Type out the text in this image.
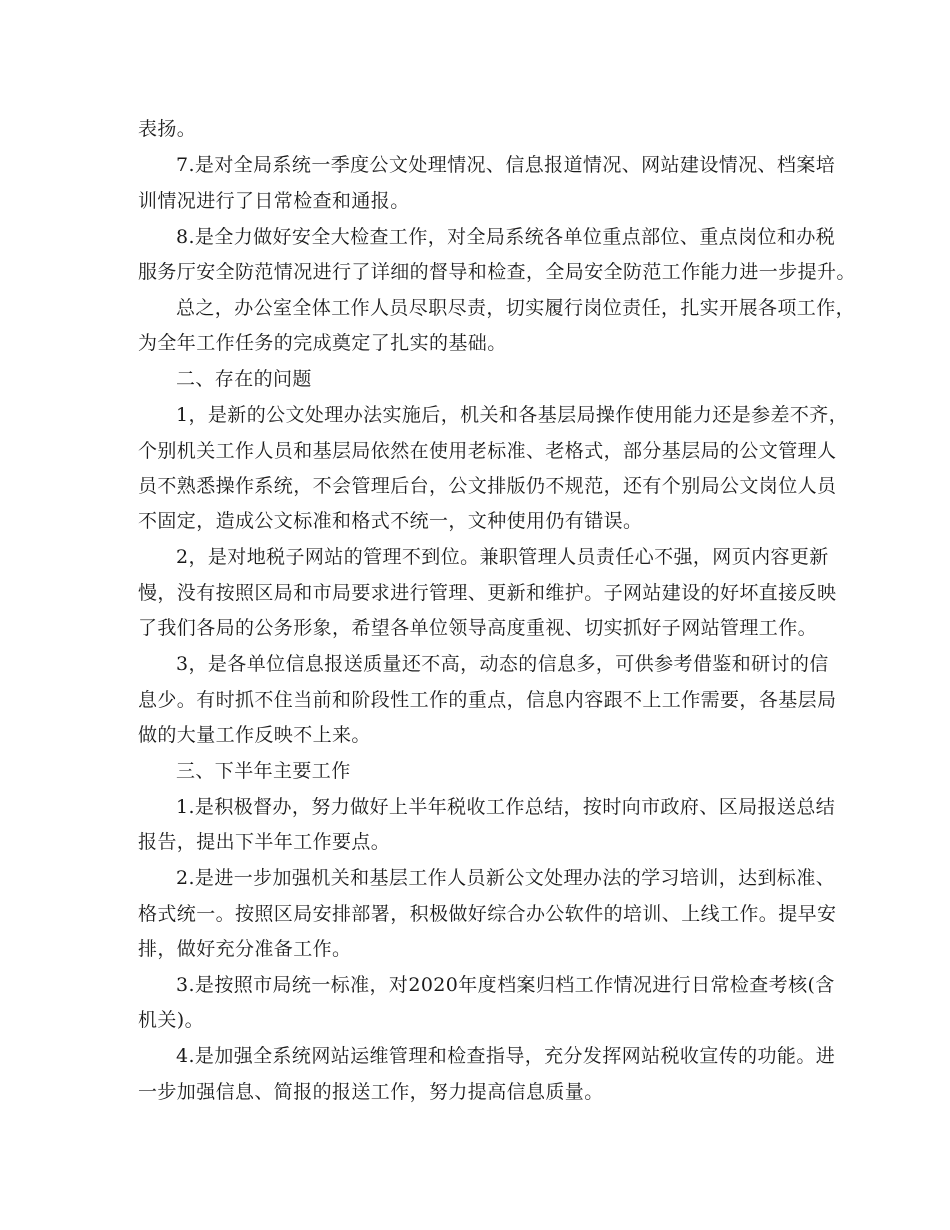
表扬。

7.是对全局系统一季度公文处理情况、信息报道情况、网站建设情况、档案培

训情况进行了日常检查和通报。

8.是全力做好安全大检查工作，对全局系统各单位重点部位、重点岗位和办税

服务厅安全防范情况进行了详细的督导和检查，全局安全防范工作能力进一步提升。

总之，办公室全体工作人员尽职尽责，切实履行岗位责任，扎实开展各项工作，

为全年工作任务的完成奠定了扎实的基础。

二、存在的问题

1，是新的公文处理办法实施后，机关和各基层局操作使用能力还是参差不齐，

个别机关工作人员和基层局依然在使用老标准、老格式，部分基层局的公文管理人

员不熟悉操作系统，不会管理后台，公文排版仍不规范，还有个别局公文岗位人员

不固定，造成公文标准和格式不统一，文种使用仍有错误。

2，是对地税子网站的管理不到位。兼职管理人员责任心不强，网页内容更新

慢，没有按照区局和市局要求进行管理、更新和维护。子网站建设的好坏直接反映

了我们各局的公务形象，希望各单位领导高度重视、切实抓好子网站管理工作。

3，是各单位信息报送质量还不高，动态的信息多，可供参考借鉴和研讨的信

息少。有时抓不住当前和阶段性工作的重点，信息内容跟不上工作需要，各基层局

做的大量工作反映不上来。

三、下半年主要工作

1.是积极督办，努力做好上半年税收工作总结，按时向市政府、区局报送总结

报告，提出下半年工作要点。

2.是进一步加强机关和基层工作人员新公文处理办法的学习培训，达到标准、

格式统一。按照区局安排部署，积极做好综合办公软件的培训、上线工作。提早安

排，做好充分准备工作。

3.是按照市局统一标准，对2020年度档案归档工作情况进行日常检查考核(含

机关)。

4.是加强全系统网站运维管理和检查指导，充分发挥网站税收宣传的功能。进

一步加强信息、简报的报送工作，努力提高信息质量。
